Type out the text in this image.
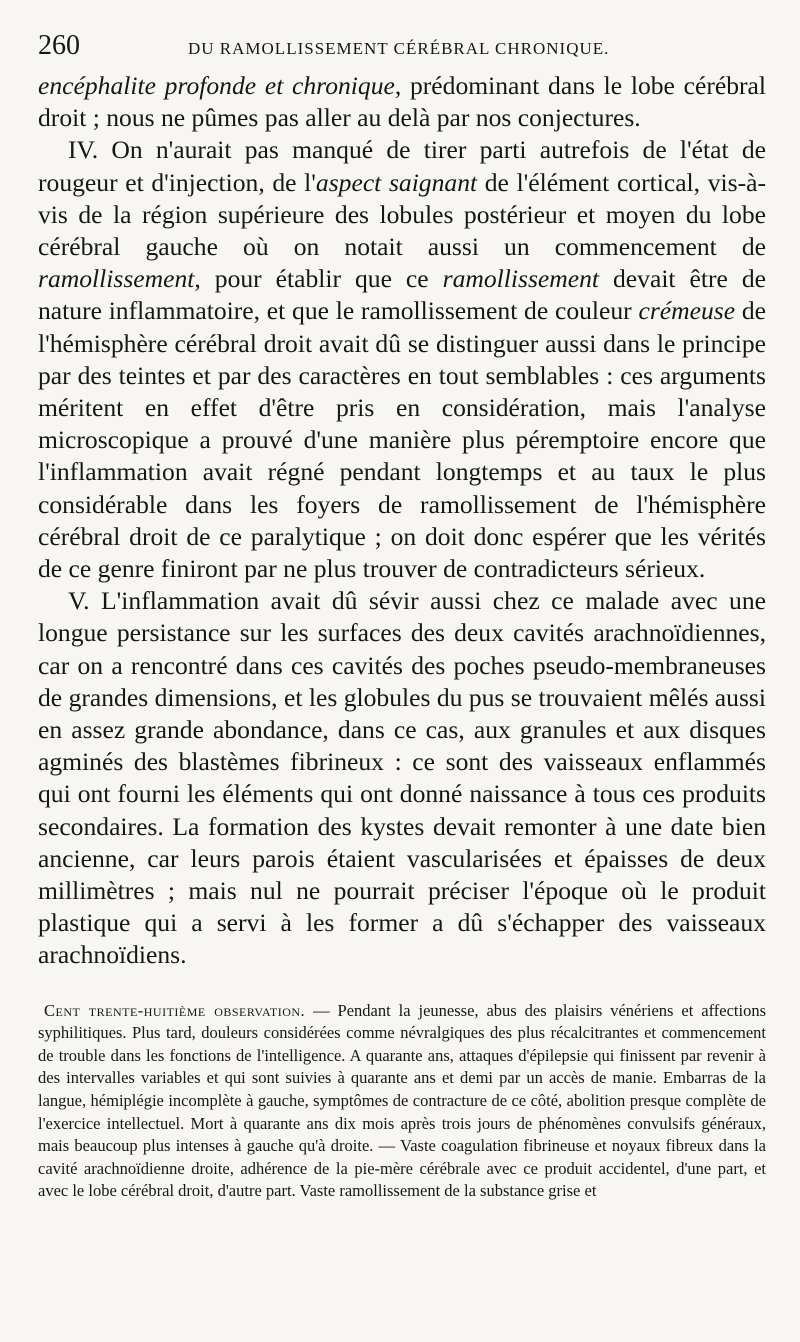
260	DU RAMOLLISSEMENT CÉRÉBRAL CHRONIQUE.

encéphalite profonde et chronique, prédominant dans le lobe cérébral droit ; nous ne pûmes pas aller au delà par nos conjectures.

IV. On n'aurait pas manqué de tirer parti autrefois de l'état de rougeur et d'injection, de l'aspect saignant de l'élément cortical, vis-à-vis de la région supérieure des lobules postérieur et moyen du lobe cérébral gauche où on notait aussi un commencement de ramollissement, pour établir que ce ramollissement devait être de nature inflammatoire, et que le ramollissement de couleur crémeuse de l'hémisphère cérébral droit avait dû se distinguer aussi dans le principe par des teintes et par des caractères en tout semblables : ces arguments méritent en effet d'être pris en considération, mais l'analyse microscopique a prouvé d'une manière plus péremptoire encore que l'inflammation avait régné pendant longtemps et au taux le plus considérable dans les foyers de ramollissement de l'hémisphère cérébral droit de ce paralytique ; on doit donc espérer que les vérités de ce genre finiront par ne plus trouver de contradicteurs sérieux.

V. L'inflammation avait dû sévir aussi chez ce malade avec une longue persistance sur les surfaces des deux cavités arachnoïdiennes, car on a rencontré dans ces cavités des poches pseudo-membraneuses de grandes dimensions, et les globules du pus se trouvaient mêlés aussi en assez grande abondance, dans ce cas, aux granules et aux disques agminés des blastèmes fibrineux : ce sont des vaisseaux enflammés qui ont fourni les éléments qui ont donné naissance à tous ces produits secondaires. La formation des kystes devait remonter à une date bien ancienne, car leurs parois étaient vascularisées et épaisses de deux millimètres ; mais nul ne pourrait préciser l'époque où le produit plastique qui a servi à les former a dû s'échapper des vaisseaux arachnoïdiens.

Cent trente-huitième observation. — Pendant la jeunesse, abus des plaisirs vénériens et affections syphilitiques. Plus tard, douleurs considérées comme névralgiques des plus récalcitrantes et commencement de trouble dans les fonctions de l'intelligence. A quarante ans, attaques d'épilepsie qui finissent par revenir à des intervalles variables et qui sont suivies à quarante ans et demi par un accès de manie. Embarras de la langue, hémiplégie incomplète à gauche, symptômes de contracture de ce côté, abolition presque complète de l'exercice intellectuel. Mort à quarante ans dix mois après trois jours de phénomènes convulsifs généraux, mais beaucoup plus intenses à gauche qu'à droite. — Vaste coagulation fibrineuse et noyaux fibreux dans la cavité arachnoïdienne droite, adhérence de la pie-mère cérébrale avec ce produit accidentel, d'une part, et avec le lobe cérébral droit, d'autre part. Vaste ramollissement de la substance grise et
